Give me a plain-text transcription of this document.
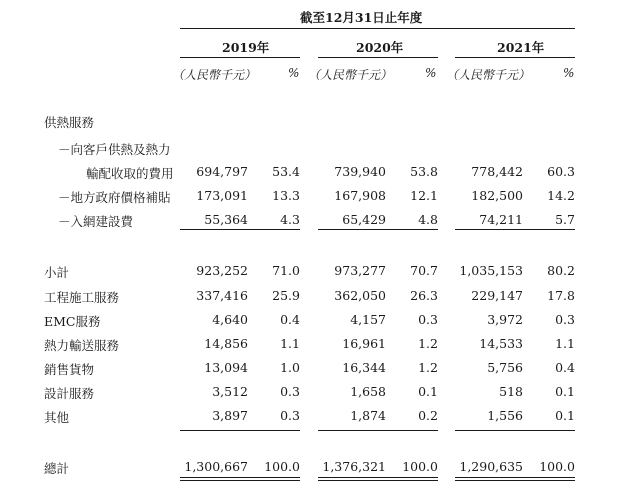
截至12月31日止年度
2019年	2020年	2021年
（人民幣千元）	% （人民幣千元）	% （人民幣千元）	%
供熱服務
－向客戶供熱及熱力
輸配收取的費用	694,797	53.4	739,940	53.8	778,442	60.3
－地方政府價格補貼	173,091	13.3	167,908	12.1	182,500	14.2
－入網建設費	55,364	4.3	65,429	4.8	74,211	5.7
小計	923,252	71.0	973,277	70.7	1,035,153	80.2
工程施工服務	337,416	25.9	362,050	26.3	229,147	17.8
EMC服務	4,640	0.4	4,157	0.3	3,972	0.3
熱力輸送服務	14,856	1.1	16,961	1.2	14,533	1.1
銷售貨物	13,094	1.0	16,344	1.2	5,756	0.4
設計服務	3,512	0.3	1,658	0.1	518	0.1
其他	3,897	0.3	1,874	0.2	1,556	0.1
總計	1,300,667	100.0	1,376,321	100.0	1,290,635	100.0
